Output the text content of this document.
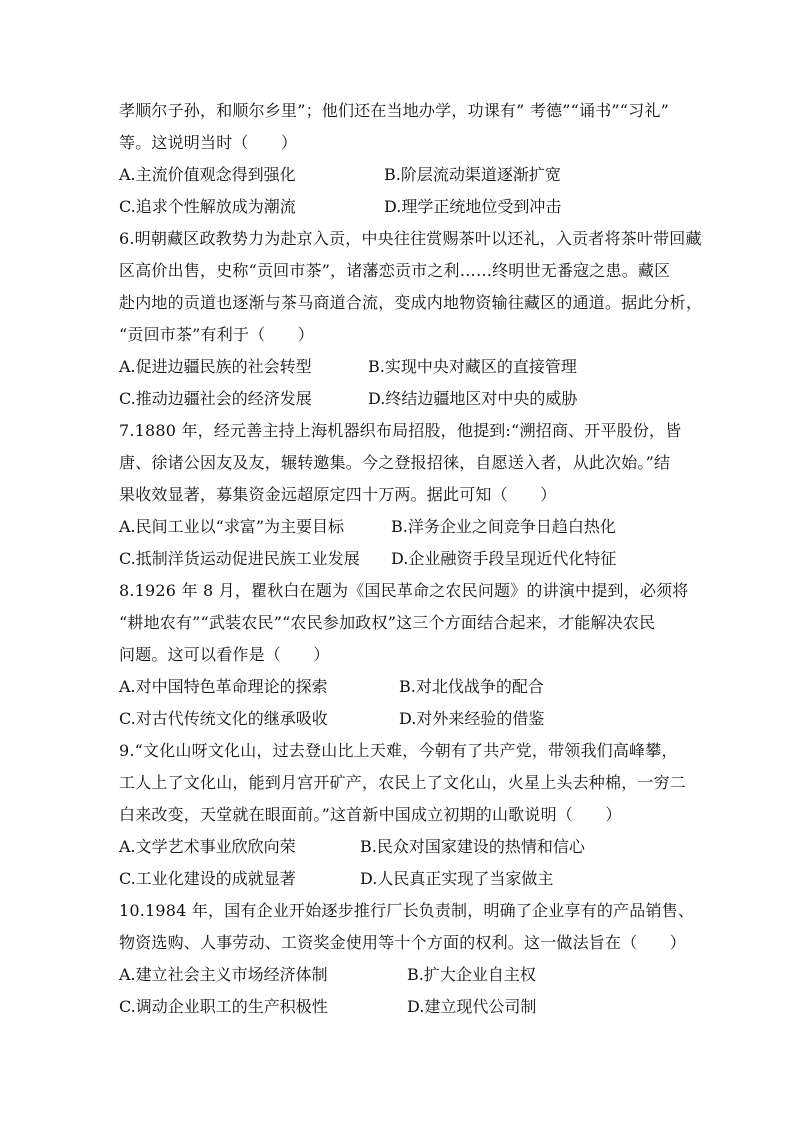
孝顺尔子孙，和顺尔乡里”；他们还在当地办学，功课有” 考德”“诵书”“习礼”
等。这说明当时（　　）
A.主流价值观念得到强化	B.阶层流动渠道逐渐扩宽
C.追求个性解放成为潮流	D.理学正统地位受到冲击
6.明朝藏区政教势力为赴京入贡，中央往往赏赐茶叶以还礼，入贡者将茶叶带回藏
区高价出售，史称“贡回市茶”，诸藩恋贡市之利……终明世无番寇之患。藏区
赴内地的贡道也逐渐与茶马商道合流，变成内地物资输往藏区的通道。据此分析，
“贡回市茶”有利于（　　）
A.促进边疆民族的社会转型	B.实现中央对藏区的直接管理
C.推动边疆社会的经济发展	D.终结边疆地区对中央的威胁
7.1880 年，经元善主持上海机器织布局招股，他提到:“溯招商、开平股份，皆
唐、徐诸公因友及友，辗转邀集。今之登报招徕，自愿送入者，从此次始。”结
果收效显著，募集资金远超原定四十万两。据此可知（　　）
A.民间工业以“求富”为主要目标	B.洋务企业之间竞争日趋白热化
C.抵制洋货运动促进民族工业发展 D.企业融资手段呈现近代化特征
8.1926 年 8 月，瞿秋白在题为《国民革命之农民问题》的讲演中提到，必须将
“耕地农有”“武装农民”“农民参加政权”这三个方面结合起来，才能解决农民
问题。这可以看作是（　　）
A.对中国特色革命理论的探索	B.对北伐战争的配合
C.对古代传统文化的继承吸收	D.对外来经验的借鉴
9.“文化山呀文化山，过去登山比上天难，今朝有了共产党，带领我们高峰攀，
工人上了文化山，能到月宫开矿产，农民上了文化山，火星上头去种棉，一穷二
白来改变，天堂就在眼面前。”这首新中国成立初期的山歌说明（　　）
A.文学艺术事业欣欣向荣	B.民众对国家建设的热情和信心
C.工业化建设的成就显著	D.人民真正实现了当家做主
10.1984 年，国有企业开始逐步推行厂长负责制，明确了企业享有的产品销售、
物资选购、人事劳动、工资奖金使用等十个方面的权利。这一做法旨在（　　）
A.建立社会主义市场经济体制	B.扩大企业自主权
C.调动企业职工的生产积极性	D.建立现代公司制
